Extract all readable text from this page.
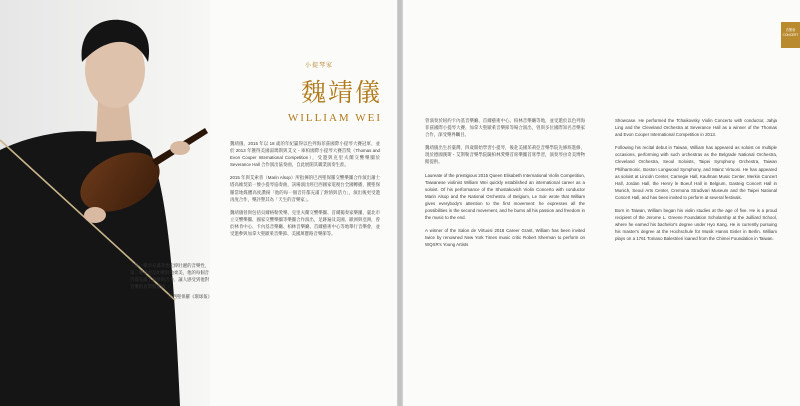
小提琴家
魏靖儀
WILLIAM WEI

魏靖儀，2015 年以 18 歲的年紀贏得以色列海菲茲國際小提琴大賽冠軍，並於 2013 年獲得美國湯瑪斯與艾文・庫柏國際小提琴大賽首獎（Thomas and Evon Cooper International Competition），受邀與克里夫蘭交響樂團於 Severance Hall 合作演出協奏曲，自此展開其職業演奏生涯。

2015 年與艾索普（Marin Alsop）所指揮的巴西聖保羅交響樂團合作演出蕭士塔高維契第一號小提琴協奏曲，該場演出經巴西國家電視台全國轉播，獲聖保羅當地媒體高度讚揚「他的每一個音符都充滿了熱情與活力」，演出後更受邀再度合作，樂評譽其為「天生的音樂家」。

魏靖儀曾與包括貝爾格勒愛樂、克里夫蘭交響樂團、首爾獨奏家樂團、臺北市立交響樂團、國家交響樂團等樂團合作演出，足跡遍及美國、歐洲與亞洲，曾於林肯中心、卡內基音樂廳、柏林音樂廳、首爾藝術中心等地舉行音樂會，並受邀參與加拿大聖歐萊音樂節、美國萬寶路音樂節等。

「第一樂章充滿著他宏偉壯麗的音樂性，第二樂章更是如歌般地柔美，他的每個音符都充滿了熱情與活力，讓人感受到他對音樂的真摯與深情。」
巴西聖保羅《環球報》
音樂會
CONCERT

曾演奏於紐約卡內基音樂廳、首爾藝術中心、柏林音樂廳等地，並受邀於以色列海菲茲國際小提琴大賽、加拿大聖歐萊音樂節等場合演出，曾與多位國際知名音樂家合作，深受樂界矚目。

魏靖儀出生於臺灣，四歲開始學習小提琴，後赴美國茱莉亞音樂學院先修班進修，現於德國漢斯・艾斯勒音樂學院隨柏林愛樂首席樂團首席學習，演奏琴由奇美博物館提供。

Laureate of the prestigious 2015 Queen Elisabeth International Violin Competition, Taiwanese violinist William Wei quickly established an international career as a soloist. Of his performance of the Shostakovich Violin Concerto with conductor Marin Alsop and the National Orchestra of Belgium, Le Soir wrote that William gives everybody's attention to the first movement: he expresses all the possibilities in the second movement, and he burns all his passion and freedom in the music to the end.

A winner of the Salon de Virtuosi 2018 Career Grant, William has been invited twice by renowned New York Times music critic Robert Sherman to perform on WQXR's Young Artists

Showcase. He performed the Tchaikovsky Violin Concerto with conductor, Jahja Ling and the Cleveland Orchestra at Severance Hall as a winner of the Thomas and Evon Cooper International Competition in 2013.

Following his recital debut in Taiwan, William has appeared as soloist on multiple occasions, performing with such orchestras as the Belgrade National Orchestra, Cleveland Orchestra, Seoul Soloists, Taipei Symphony Orchestra, Taiwan Philharmonic, Boston Longwood Symphony, and Mainz Virtuosi. He has appeared as soloist at Lincoln Center, Carnegie Hall, Kaufman Music Center, Merkin Concert Hall, Jordan Hall, the Henry le Boeuf Hall in Belgium, Gasteig Concert Hall in Munich, Seoul Arts Center, Cremona Stradivari Museum and the Taipei National Concert Hall, and has been invited to perform at several festivals.

Born in Taiwan, William began his violin studies at the age of five. He is a proud recipient of the Jerome L. Greene Foundation Scholarship at the Juilliard School, where he earned his bachelor's degree under Hyo Kang. He is currently pursuing his master's degree at the Hochschule für Musik Hanns Eisler in Berlin. William plays on a 1761 Tomaso Balestrieri loaned from the Chimei Foundation in Taiwan.
